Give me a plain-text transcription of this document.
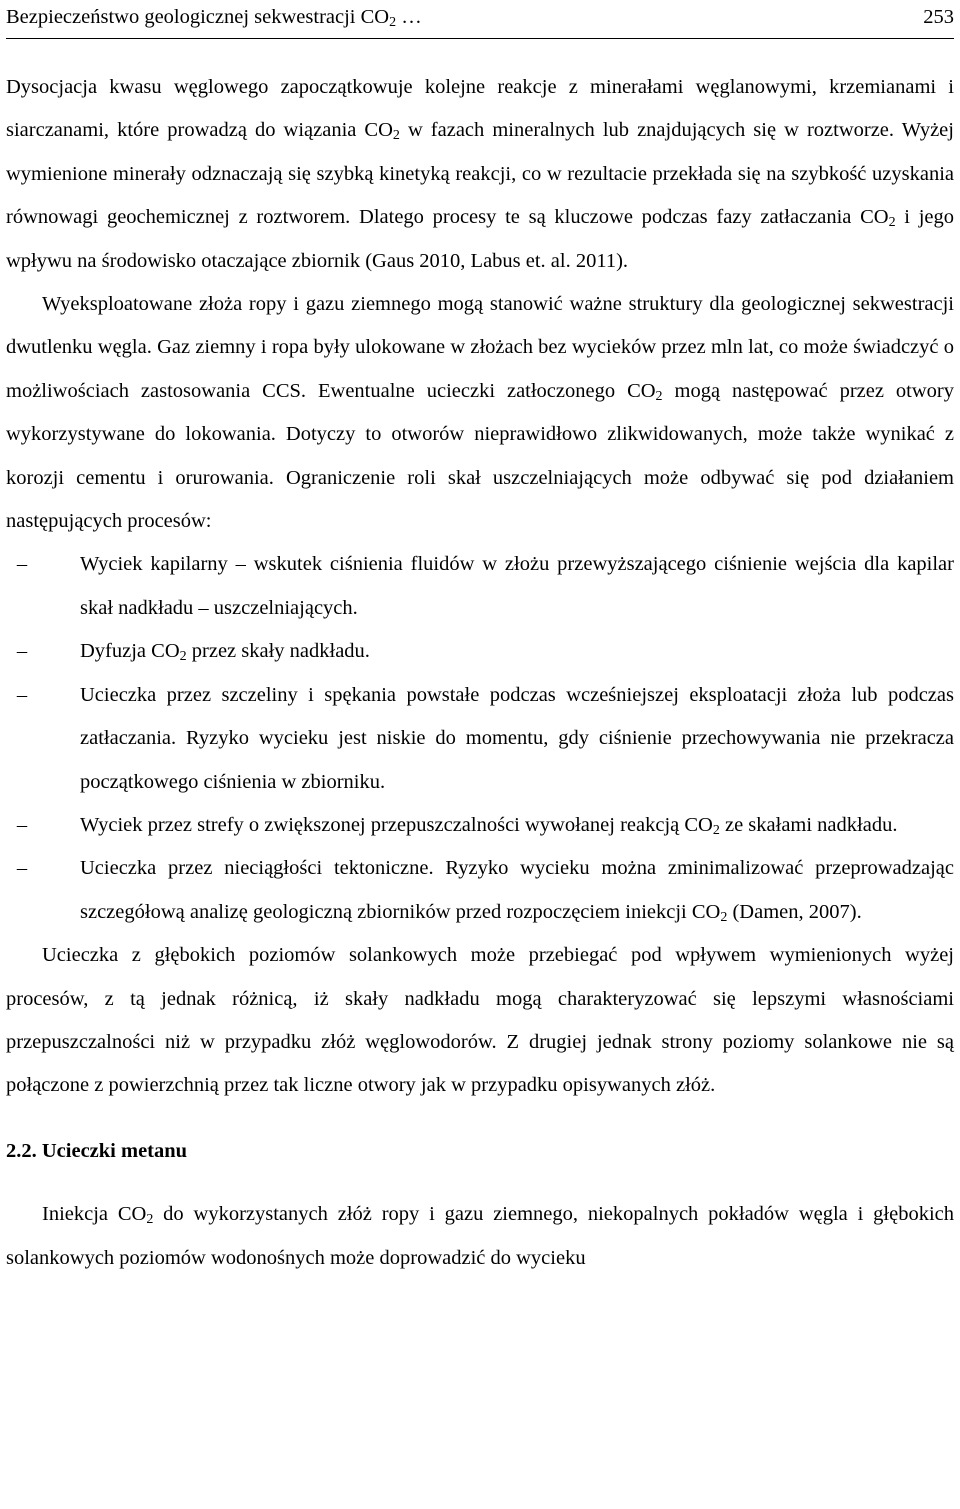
Bezpieczeństwo geologicznej sekwestracji $CO_2$ …	253

Dysocjacja kwasu węglowego zapoczątkowuje kolejne reakcje z minerałami węglanowymi, krzemianami i siarczanami, które prowadzą do wiązania $CO_2$ w fazach mineralnych lub znajdujących się w roztworze. Wyżej wymienione minerały odznaczają się szybką kinetyką reakcji, co w rezultacie przekłada się na szybkość uzyskania równowagi geochemicznej z roztworem. Dlatego procesy te są kluczowe podczas fazy zatłaczania $CO_2$ i jego wpływu na środowisko otaczające zbiornik (Gaus 2010, Labus et. al. 2011).

Wyeksploatowane złoża ropy i gazu ziemnego mogą stanowić ważne struktury dla geologicznej sekwestracji dwutlenku węgla. Gaz ziemny i ropa były ulokowane w złożach bez wycieków przez mln lat, co może świadczyć o możliwościach zastosowania CCS. Ewentualne ucieczki zatłoczonego $CO_2$ mogą następować przez otwory wykorzystywane do lokowania. Dotyczy to otworów nieprawidłowo zlikwidowanych, może także wynikać z korozji cementu i orurowania. Ograniczenie roli skał uszczelniających może odbywać się pod działaniem następujących procesów:

–	Wyciek kapilarny – wskutek ciśnienia fluidów w złożu przewyższającego ciśnienie wejścia dla kapilar skał nadkładu – uszczelniających.
–	Dyfuzja $CO_2$ przez skały nadkładu.
–	Ucieczka przez szczeliny i spękania powstałe podczas wcześniejszej eksploatacji złoża lub podczas zatłaczania. Ryzyko wycieku jest niskie do momentu, gdy ciśnienie przechowywania nie przekracza początkowego ciśnienia w zbiorniku.
–	Wyciek przez strefy o zwiększonej przepuszczalności wywołanej reakcją $CO_2$ ze skałami nadkładu.
–	Ucieczka przez nieciągłości tektoniczne. Ryzyko wycieku można zminimalizować przeprowadzając szczegółową analizę geologiczną zbiorników przed rozpoczęciem iniekcji $CO_2$ (Damen, 2007).

Ucieczka z głębokich poziomów solankowych może przebiegać pod wpływem wymienionych wyżej procesów, z tą jednak różnicą, iż skały nadkładu mogą charakteryzować się lepszymi własnościami przepuszczalności niż w przypadku złóż węglowodorów. Z drugiej jednak strony poziomy solankowe nie są połączone z powierzchnią przez tak liczne otwory jak w przypadku opisywanych złóż.

2.2. Ucieczki metanu

Iniekcja $CO_2$ do wykorzystanych złóż ropy i gazu ziemnego, niekopalnych pokładów węgla i głębokich solankowych poziomów wodonośnych może doprowadzić do wycieku
